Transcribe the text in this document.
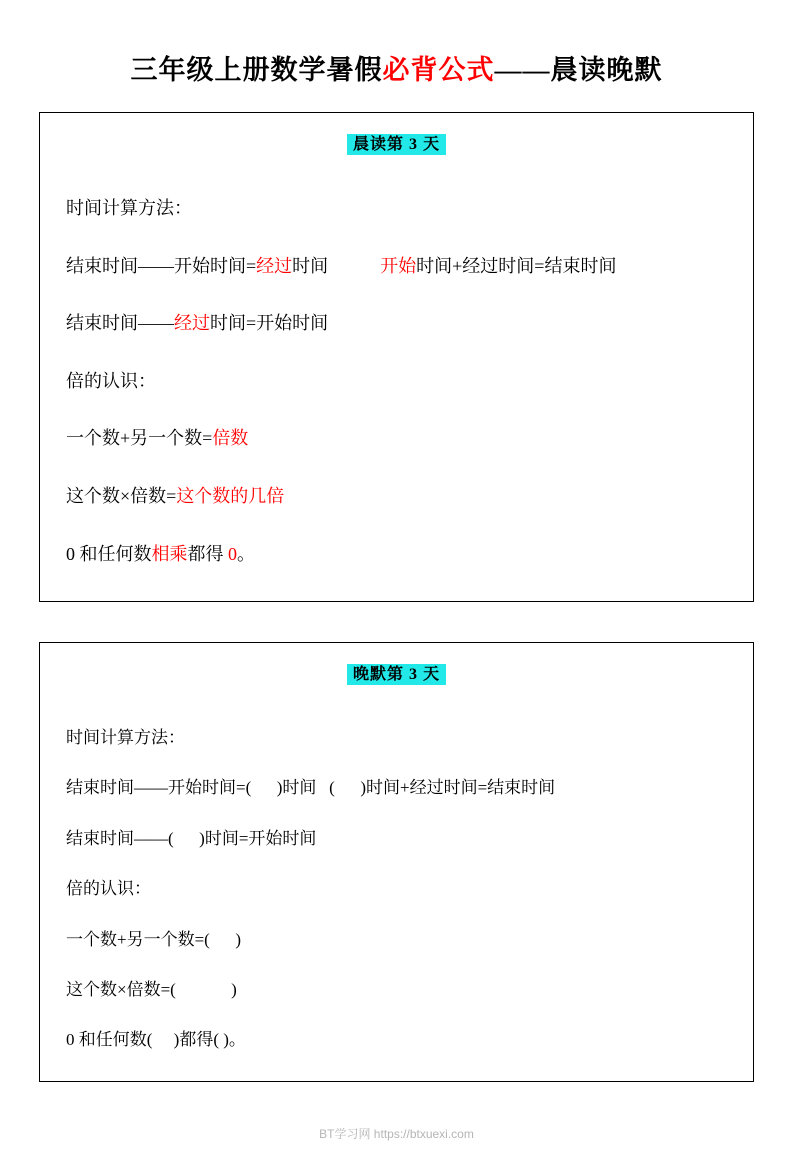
三年级上册数学暑假必背公式——晨读晚默
晨读第 3 天
时间计算方法：
结束时间——开始时间=经过时间	开始时间+经过时间=结束时间
结束时间——经过时间=开始时间
倍的认识：
一个数+另一个数=倍数
这个数×倍数=这个数的几倍
0 和任何数相乘都得 0。
晚默第 3 天
时间计算方法：
结束时间——开始时间=(      )时间   (      )时间+经过时间=结束时间
结束时间——(      )时间=开始时间
倍的认识：
一个数+另一个数=(      )
这个数×倍数=(             )
0 和任何数(     )都得( )。
BT学习网 https://btxuexi.com
